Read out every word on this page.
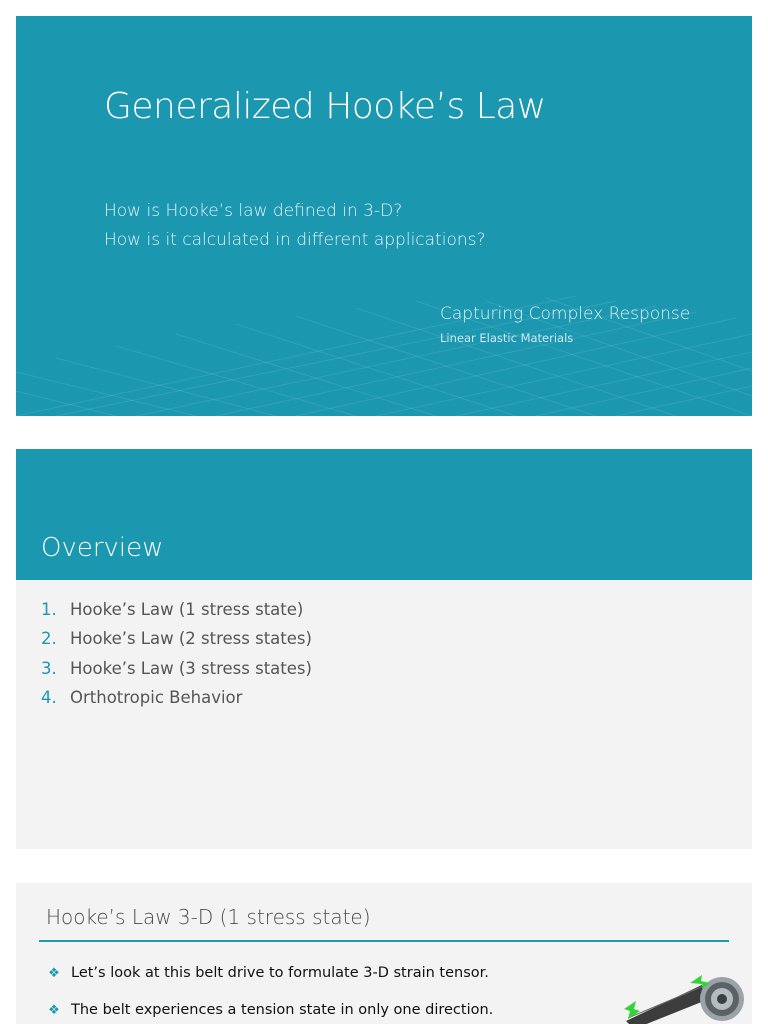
Generalized Hooke’s Law
How is Hooke’s law defined in 3-D?
How is it calculated in different applications?
Capturing Complex Response
Linear Elastic Materials
Overview
1. Hooke’s Law (1 stress state)
2. Hooke’s Law (2 stress states)
3. Hooke’s Law (3 stress states)
4. Orthotropic Behavior
Hooke’s Law 3-D (1 stress state)
❖ Let’s look at this belt drive to formulate 3-D strain tensor.
❖ The belt experiences a tension state in only one direction.
